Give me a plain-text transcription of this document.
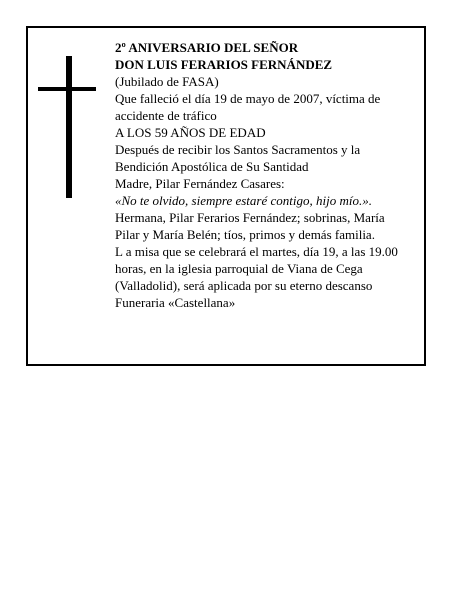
2º ANIVERSARIO DEL SEÑOR
DON LUIS FERARIOS FERNÁNDEZ
(Jubilado de FASA)
Que falleció el día 19 de mayo de 2007, víctima de
accidente de tráfico
A LOS 59 AÑOS DE EDAD
Después de recibir los Santos Sacramentos y la
Bendición Apostólica de Su Santidad
Madre, Pilar Fernández Casares:
«No te olvido, siempre estaré contigo, hijo mío.».
Hermana, Pilar Ferarios Fernández; sobrinas, María
Pilar y María Belén; tíos, primos y demás familia.
L a misa que se celebrará el martes, día 19, a las 19.00
horas, en la iglesia parroquial de Viana de Cega
(Valladolid), será aplicada por su eterno descanso
Funeraria «Castellana»
